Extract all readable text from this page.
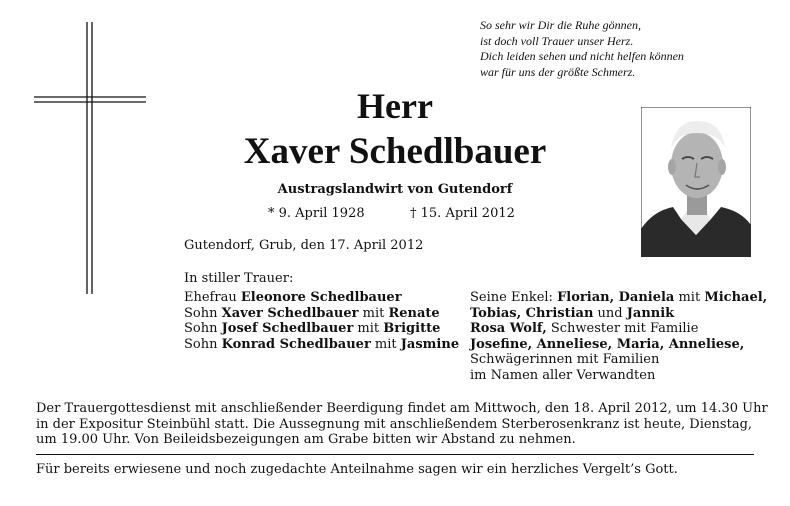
So sehr wir Dir die Ruhe gönnen,
ist doch voll Trauer unser Herz.
Dich leiden sehen und nicht helfen können
war für uns der größte Schmerz.
Herr
Xaver Schedlbauer
Austragslandwirt von Gutendorf
* 9. April 1928	† 15. April 2012
Gutendorf, Grub, den 17. April 2012
In stiller Trauer:
Ehefrau Eleonore Schedlbauer
Sohn Xaver Schedlbauer mit Renate
Sohn Josef Schedlbauer mit Brigitte
Sohn Konrad Schedlbauer mit Jasmine
Seine Enkel: Florian, Daniela mit Michael,
Tobias, Christian und Jannik
Rosa Wolf, Schwester mit Familie
Josefine, Anneliese, Maria, Anneliese,
Schwägerinnen mit Familien
im Namen aller Verwandten
Der Trauergottesdienst mit anschließender Beerdigung findet am Mittwoch, den 18. April 2012, um 14.30 Uhr
in der Expositur Steinbühl statt. Die Aussegnung mit anschließendem Sterberosenkranz ist heute, Dienstag,
um 19.00 Uhr. Von Beileidsbezeigungen am Grabe bitten wir Abstand zu nehmen.
Für bereits erwiesene und noch zugedachte Anteilnahme sagen wir ein herzliches Vergelt’s Gott.
